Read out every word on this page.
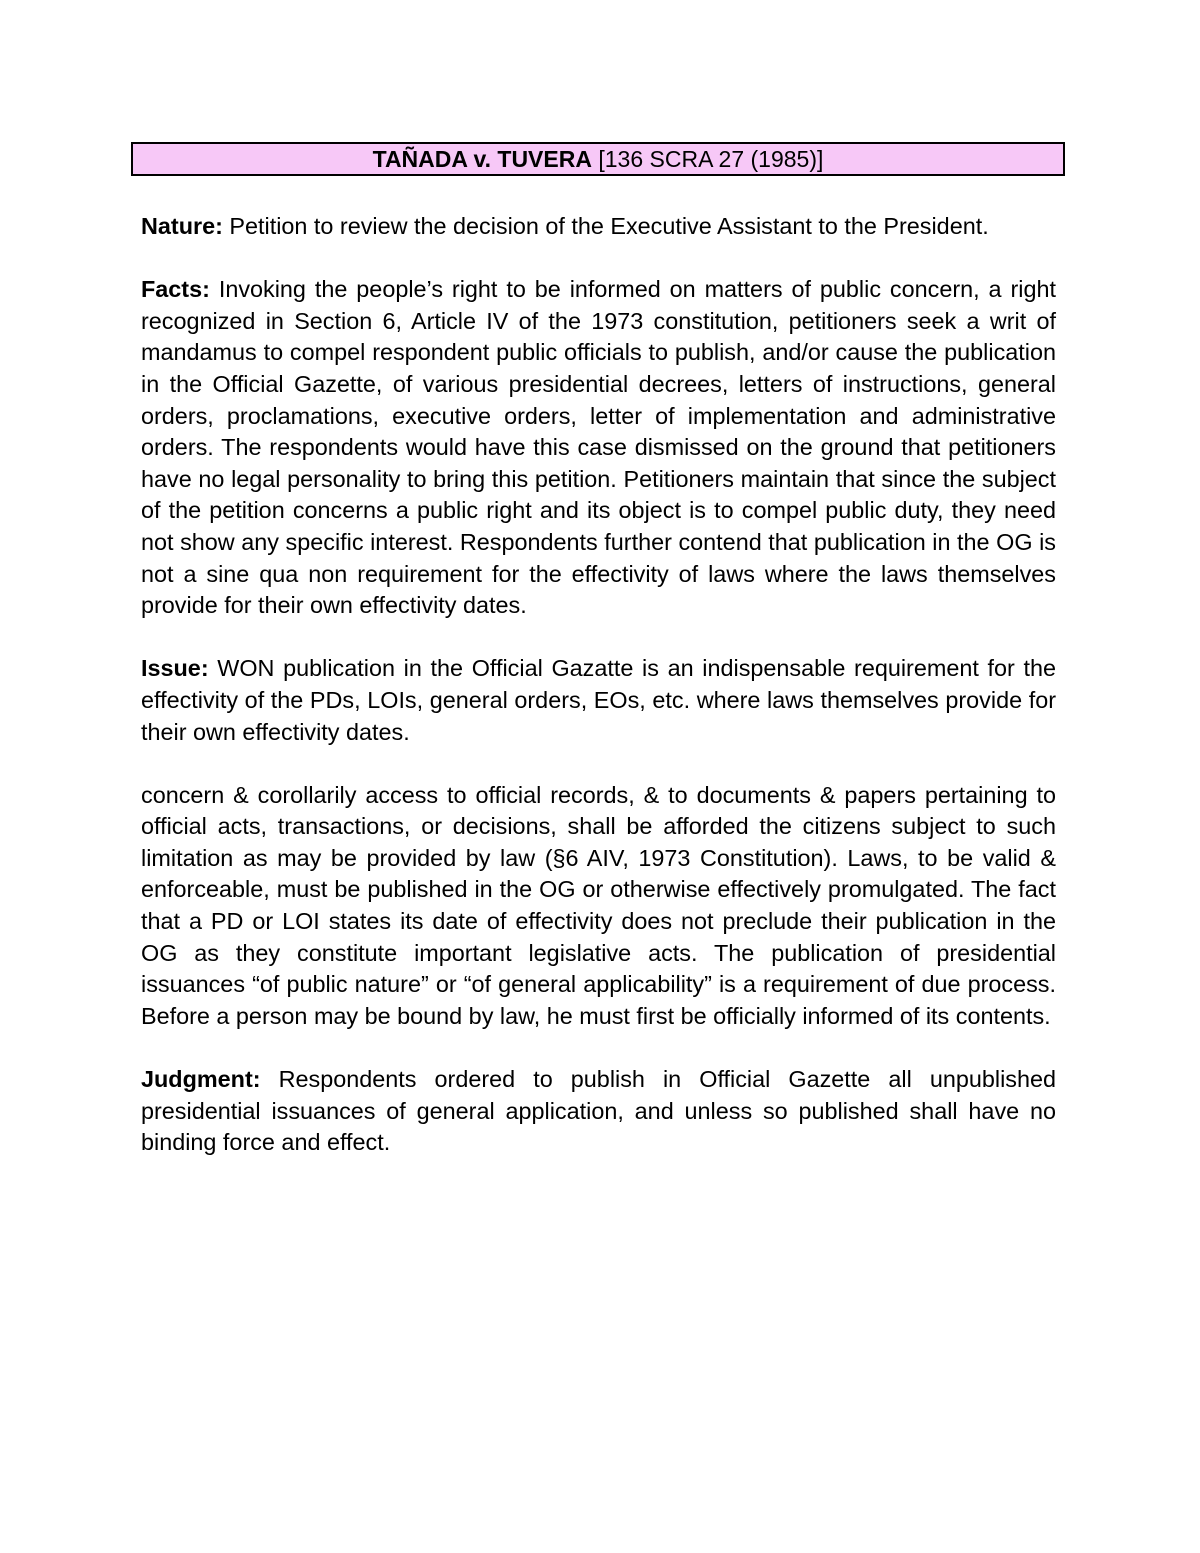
TAÑADA v. TUVERA [136 SCRA 27 (1985)]

Nature: Petition to review the decision of the Executive Assistant to the President.

Facts: Invoking the people’s right to be informed on matters of public concern, a right recognized in Section 6, Article IV of the 1973 constitution, petitioners seek a writ of mandamus to compel respondent public officials to publish, and/or cause the publication in the Official Gazette, of various presidential decrees, letters of instructions, general orders, proclamations, executive orders, letter of implementation and administrative orders. The respondents would have this case dismissed on the ground that petitioners have no legal personality to bring this petition. Petitioners maintain that since the subject of the petition concerns a public right and its object is to compel public duty, they need not show any specific interest. Respondents further contend that publication in the OG is not a sine qua non requirement for the effectivity of laws where the laws themselves provide for their own effectivity dates.

Issue: WON publication in the Official Gazatte is an indispensable requirement for the effectivity of the PDs, LOIs, general orders, EOs, etc. where laws themselves provide for their own effectivity dates.

concern & corollarily access to official records, & to documents & papers pertaining to official acts, transactions, or decisions, shall be afforded the citizens subject to such limitation as may be provided by law (§6 AIV, 1973 Constitution). Laws, to be valid & enforceable, must be published in the OG or otherwise effectively promulgated. The fact that a PD or LOI states its date of effectivity does not preclude their publication in the OG as they constitute important legislative acts. The publication of presidential issuances “of public nature” or “of general applicability” is a requirement of due process. Before a person may be bound by law, he must first be officially informed of its contents.

Judgment: Respondents ordered to publish in Official Gazette all unpublished presidential issuances of general application, and unless so published shall have no binding force and effect.
